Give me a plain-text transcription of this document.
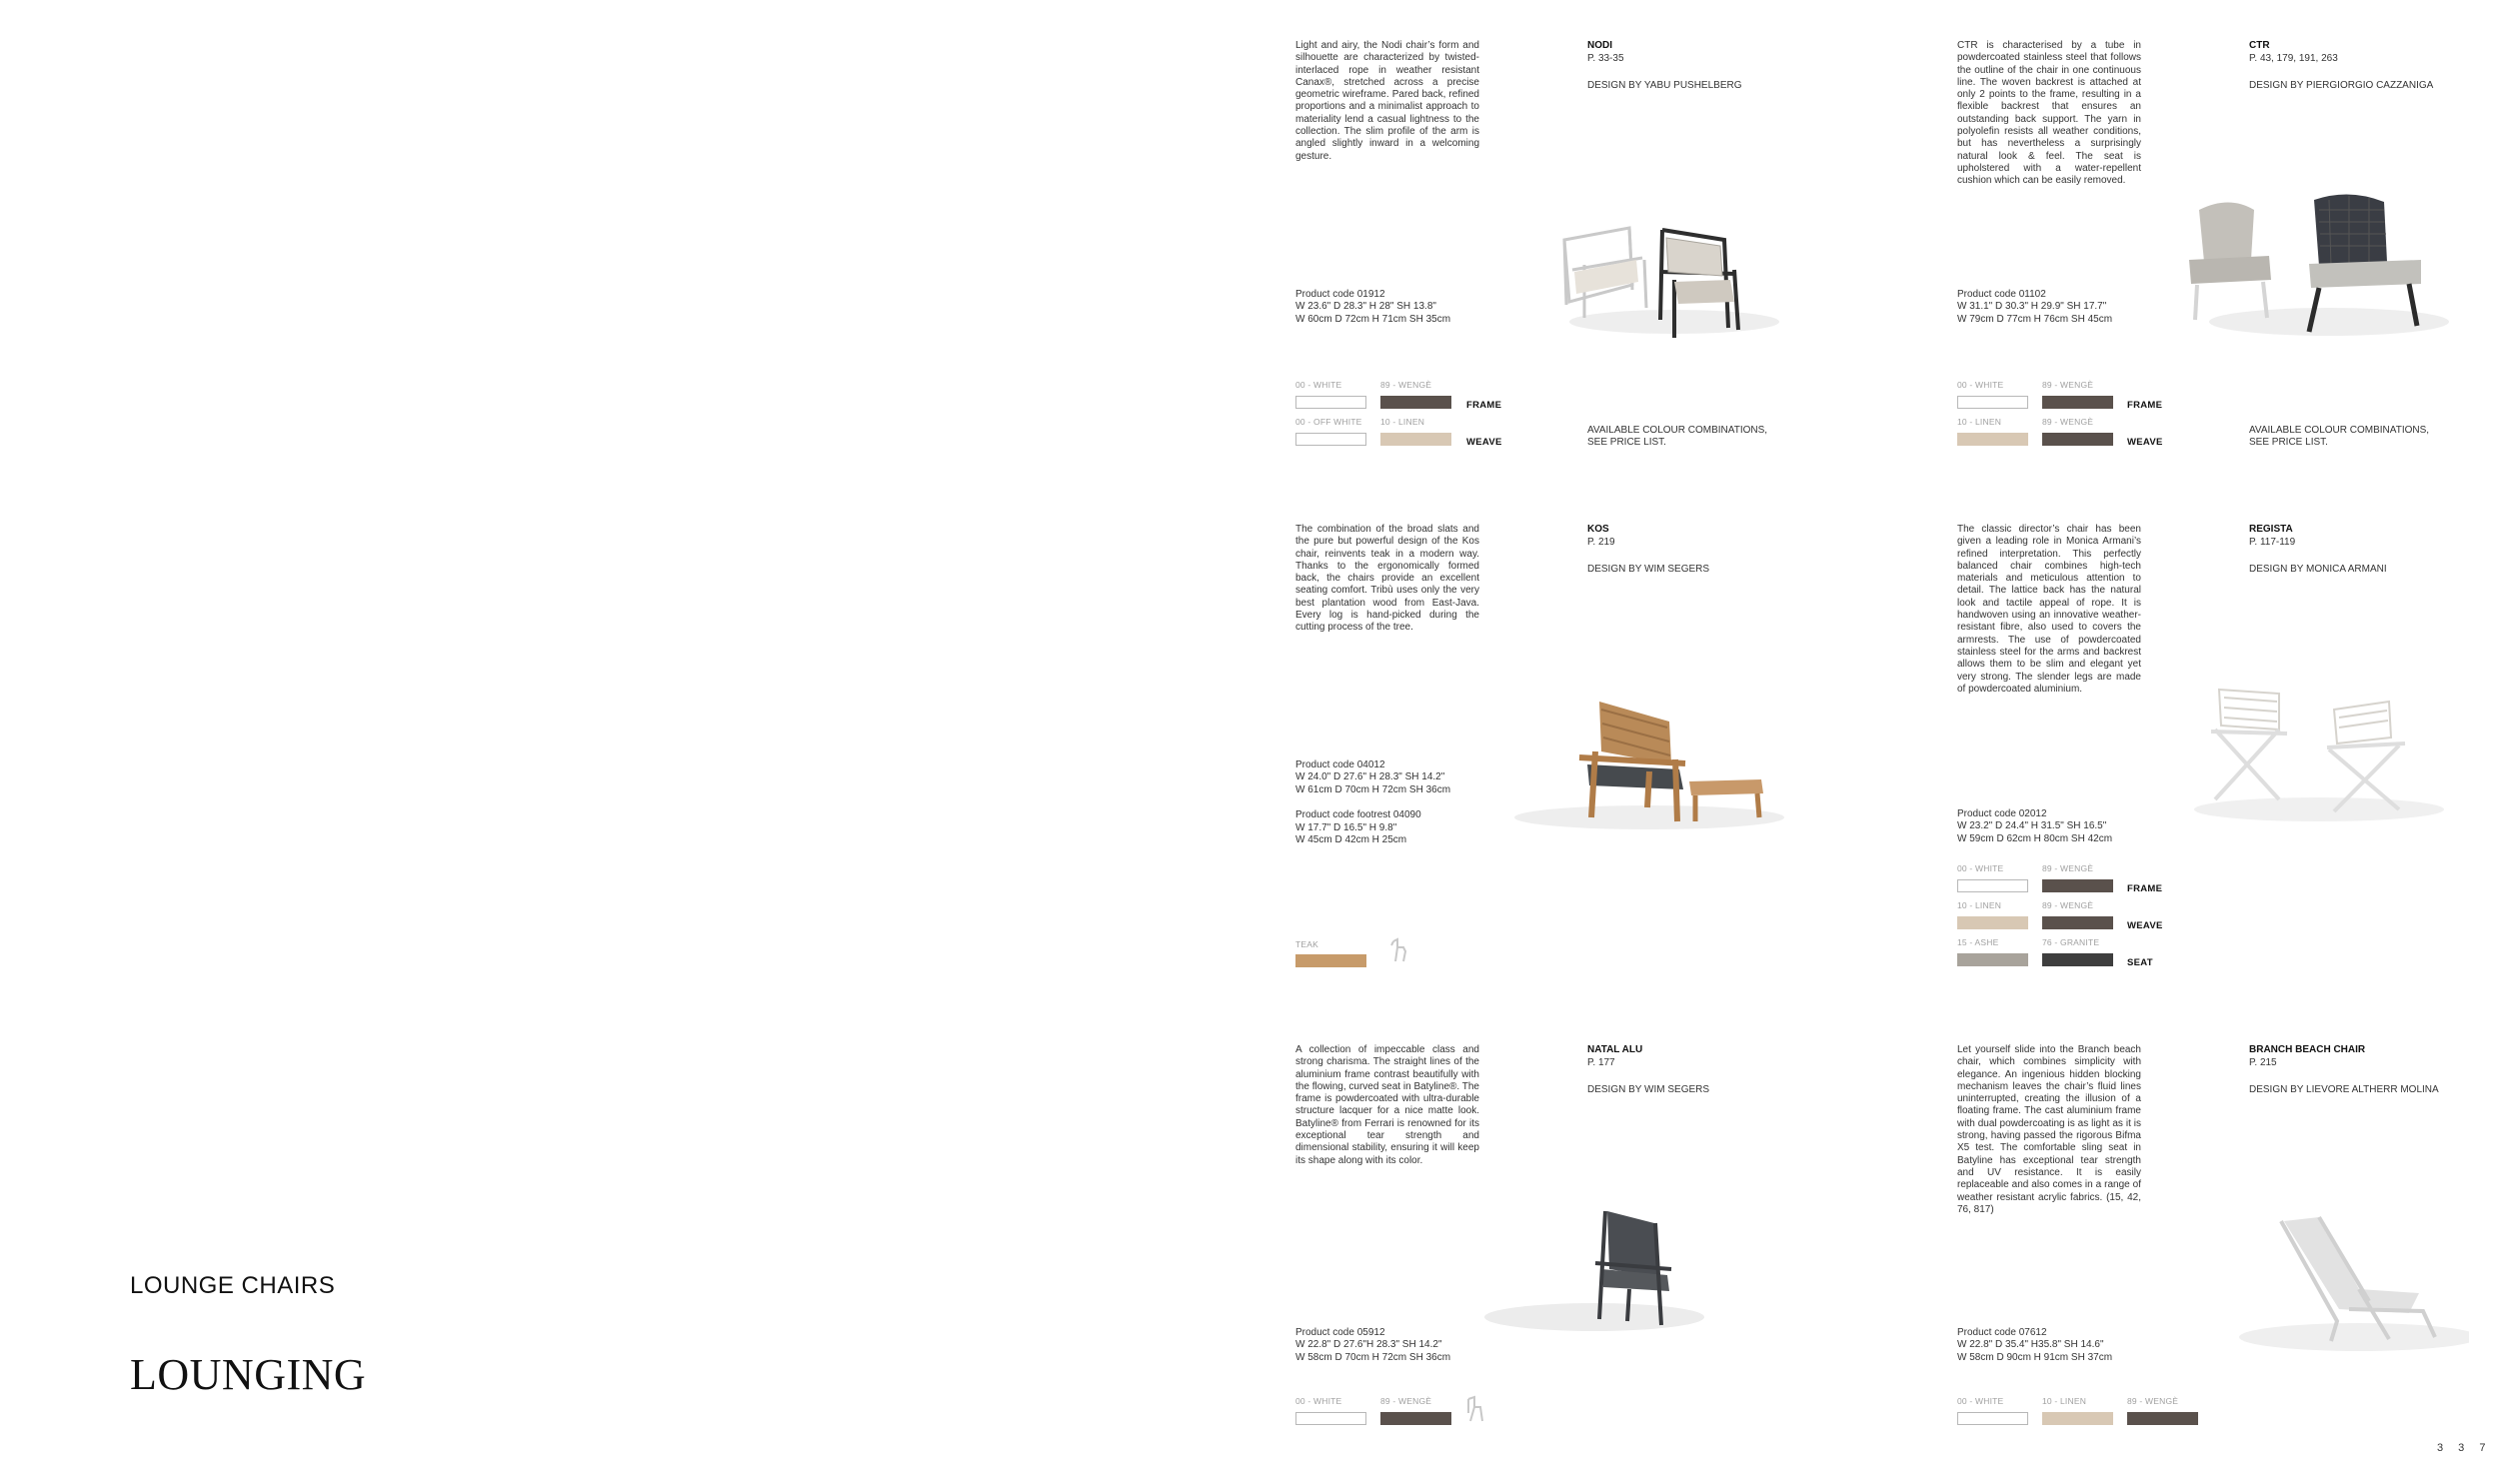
LOUNGE CHAIRS
LOUNGING
Light and airy, the Nodi chair’s form and silhouette are characterized by twisted-interlaced rope in weather resistant Canax®, stretched across a precise geometric wireframe. Pared back, refined proportions and a minimalist approach to materiality lend a casual lightness to the collection. The slim profile of the arm is angled slightly inward in a welcoming gesture.
NODI
P. 33-35
DESIGN BY YABU PUSHELBERG
Product code 01912
W 23.6" D 28.3" H 28" SH 13.8"
W 60cm D 72cm H 71cm SH 35cm
00 - WHITE	89 - WENGÈ
FRAME
00 - OFF WHITE 10 - LINEN
WEAVE
AVAILABLE COLOUR COMBINATIONS,
SEE PRICE LIST.
CTR is characterised by a tube in powdercoated stainless steel that follows the outline of the chair in one continuous line. The woven backrest is attached at only 2 points to the frame, resulting in a flexible backrest that ensures an outstanding back support. The yarn in polyolefin resists all weather conditions, but has nevertheless a surprisingly natural look & feel. The seat is upholstered with a water-repellent cushion which can be easily removed.
CTR
P. 43, 179, 191, 263
DESIGN BY PIERGIORGIO CAZZANIGA
Product code 01102
W 31.1" D 30.3" H 29.9" SH 17.7"
W 79cm D 77cm H 76cm SH 45cm
00 - WHITE	89 - WENGÈ
FRAME
10 - LINEN	89 - WENGÈ
WEAVE
AVAILABLE COLOUR COMBINATIONS,
SEE PRICE LIST.
The combination of the broad slats and the pure but powerful design of the Kos chair, reinvents teak in a modern way. Thanks to the ergonomically formed back, the chairs provide an excellent seating comfort. Tribù uses only the very best plantation wood from East-Java. Every log is hand-picked during the cutting process of the tree.
KOS
P. 219
DESIGN BY WIM SEGERS
Product code 04012
W 24.0" D 27.6" H 28.3" SH 14.2"
W 61cm D 70cm H 72cm SH 36cm
Product code footrest 04090
W 17.7" D 16.5" H 9.8"
W 45cm D 42cm H 25cm
TEAK
The classic director’s chair has been given a leading role in Monica Armani’s refined interpretation. This perfectly balanced chair combines high-tech materials and meticulous attention to detail. The lattice back has the natural look and tactile appeal of rope. It is handwoven using an innovative weather-resistant fibre, also used to covers the armrests. The use of powdercoated stainless steel for the arms and backrest allows them to be slim and elegant yet very strong. The slender legs are made of powdercoated aluminium.
REGISTA
P. 117-119
DESIGN BY MONICA ARMANI
Product code 02012
W 23.2" D 24.4" H 31.5" SH 16.5"
W 59cm D 62cm H 80cm SH 42cm
00 - WHITE	89 - WENGÈ
FRAME
10 - LINEN	89 - WENGÈ
WEAVE
15 - ASHE	76 - GRANITE
SEAT
A collection of impeccable class and strong charisma. The straight lines of the aluminium frame contrast beautifully with the flowing, curved seat in Batyline®. The frame is powdercoated with ultra-durable structure lacquer for a nice matte look. Batyline® from Ferrari is renowned for its exceptional tear strength and dimensional stability, ensuring it will keep its shape along with its color.
NATAL ALU
P. 177
DESIGN BY WIM SEGERS
Product code 05912
W 22.8" D 27.6"H 28.3" SH 14.2"
W 58cm D 70cm H 72cm SH 36cm
00 - WHITE	89 - WENGÈ
Let yourself slide into the Branch beach chair, which combines simplicity with elegance. An ingenious hidden blocking mechanism leaves the chair’s fluid lines uninterrupted, creating the illusion of a floating frame. The cast aluminium frame with dual powdercoating is as light as it is strong, having passed the rigorous Bifma X5 test. The comfortable sling seat in Batyline has exceptional tear strength and UV resistance. It is easily replaceable and also comes in a range of weather resistant acrylic fabrics. (15, 42, 76, 817)
BRANCH BEACH CHAIR
P. 215
DESIGN BY LIEVORE ALTHERR MOLINA
Product code 07612
W 22.8" D 35.4" H35.8" SH 14.6"
W 58cm D 90cm H 91cm SH 37cm
00 - WHITE	10 - LINEN	89 - WENGÈ
3 3 7
